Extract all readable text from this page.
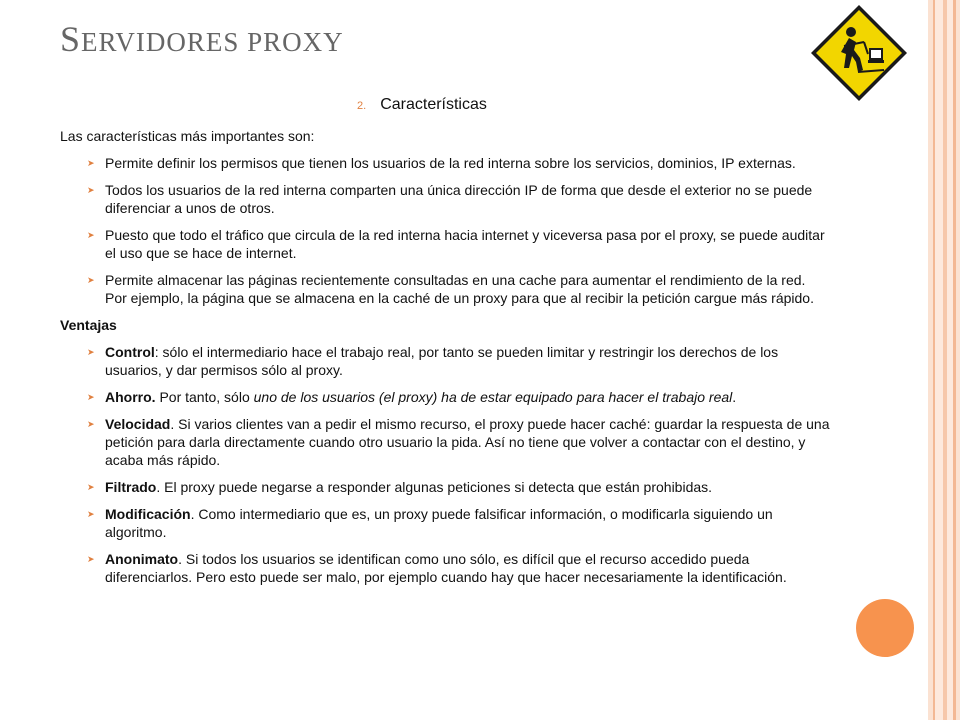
SERVIDORES PROXY
2. Características

Las características más importantes son:

➤ Permite definir los permisos que tienen los usuarios de la red interna sobre los servicios, dominios, IP externas.
➤ Todos los usuarios de la red interna comparten una única dirección IP de forma que desde el exterior no se puede diferenciar a unos de otros.
➤ Puesto que todo el tráfico que circula de la red interna hacia internet y viceversa pasa por el proxy, se puede auditar el uso que se hace de internet.
➤ Permite almacenar las páginas recientemente consultadas en una cache para aumentar el rendimiento de la red. Por ejemplo, la página que se almacena en la caché de un proxy para que al recibir la petición cargue más rápido.

Ventajas

➤ Control: sólo el intermediario hace el trabajo real, por tanto se pueden limitar y restringir los derechos de los usuarios, y dar permisos sólo al proxy.
➤ Ahorro. Por tanto, sólo uno de los usuarios (el proxy) ha de estar equipado para hacer el trabajo real.
➤ Velocidad. Si varios clientes van a pedir el mismo recurso, el proxy puede hacer caché: guardar la respuesta de una petición para darla directamente cuando otro usuario la pida. Así no tiene que volver a contactar con el destino, y acaba más rápido.
➤ Filtrado. El proxy puede negarse a responder algunas peticiones si detecta que están prohibidas.
➤ Modificación. Como intermediario que es, un proxy puede falsificar información, o modificarla siguiendo un algoritmo.
➤ Anonimato. Si todos los usuarios se identifican como uno sólo, es difícil que el recurso accedido pueda diferenciarlos. Pero esto puede ser malo, por ejemplo cuando hay que hacer necesariamente la identificación.
